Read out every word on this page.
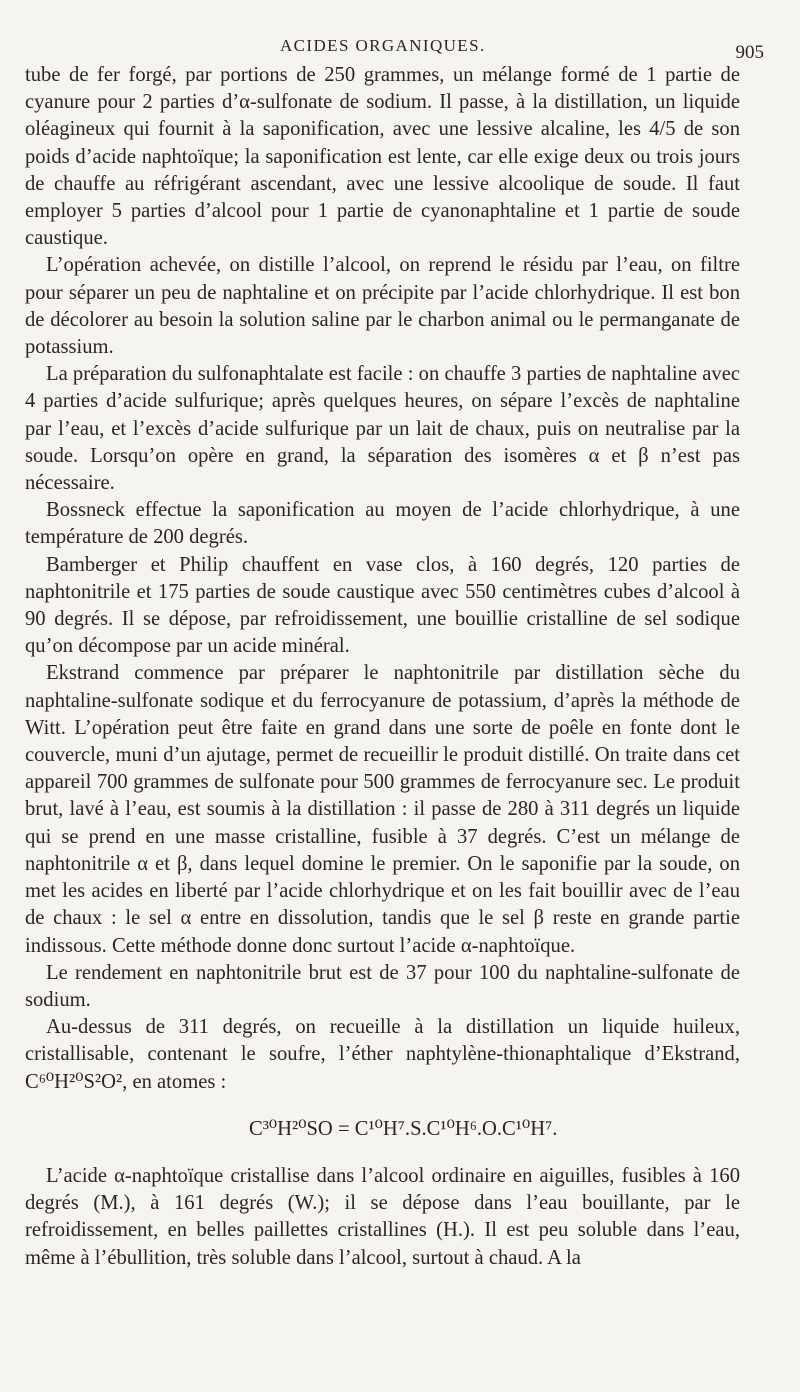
ACIDES ORGANIQUES.	905

tube de fer forgé, par portions de 250 grammes, un mélange formé de 1 partie de cyanure pour 2 parties d’α-sulfonate de sodium. Il passe, à la distillation, un liquide oléagineux qui fournit à la saponification, avec une lessive alcaline, les 4/5 de son poids d’acide naphtoïque; la saponification est lente, car elle exige deux ou trois jours de chauffe au réfrigérant ascendant, avec une lessive alcoolique de soude. Il faut employer 5 parties d’alcool pour 1 partie de cyanonaphtaline et 1 partie de soude caustique.

L’opération achevée, on distille l’alcool, on reprend le résidu par l’eau, on filtre pour séparer un peu de naphtaline et on précipite par l’acide chlorhydrique. Il est bon de décolorer au besoin la solution saline par le charbon animal ou le permanganate de potassium.

La préparation du sulfonaphtalate est facile : on chauffe 3 parties de naphtaline avec 4 parties d’acide sulfurique; après quelques heures, on sépare l’excès de naphtaline par l’eau, et l’excès d’acide sulfurique par un lait de chaux, puis on neutralise par la soude. Lorsqu’on opère en grand, la séparation des isomères α et β n’est pas nécessaire.

Bossneck effectue la saponification au moyen de l’acide chlorhydrique, à une température de 200 degrés.

Bamberger et Philip chauffent en vase clos, à 160 degrés, 120 parties de naphtonitrile et 175 parties de soude caustique avec 550 centimètres cubes d’alcool à 90 degrés. Il se dépose, par refroidissement, une bouillie cristalline de sel sodique qu’on décompose par un acide minéral.

Ekstrand commence par préparer le naphtonitrile par distillation sèche du naphtaline-sulfonate sodique et du ferrocyanure de potassium, d’après la méthode de Witt. L’opération peut être faite en grand dans une sorte de poêle en fonte dont le couvercle, muni d’un ajutage, permet de recueillir le produit distillé. On traite dans cet appareil 700 grammes de sulfonate pour 500 grammes de ferrocyanure sec. Le produit brut, lavé à l’eau, est soumis à la distillation : il passe de 280 à 311 degrés un liquide qui se prend en une masse cristalline, fusible à 37 degrés. C’est un mélange de naphtonitrile α et β, dans lequel domine le premier. On le saponifie par la soude, on met les acides en liberté par l’acide chlorhydrique et on les fait bouillir avec de l’eau de chaux : le sel α entre en dissolution, tandis que le sel β reste en grande partie indissous. Cette méthode donne donc surtout l’acide α-naphtoïque.

Le rendement en naphtonitrile brut est de 37 pour 100 du naphtaline-sulfonate de sodium.

Au-dessus de 311 degrés, on recueille à la distillation un liquide huileux, cristallisable, contenant le soufre, l’éther naphtylène-thionaphtalique d’Ekstrand, C⁶⁰H²⁰S²O², en atomes :

C³⁰H²⁰SO = C¹⁰H⁷.S.C¹⁰H⁶.O.C¹⁰H⁷.

L’acide α-naphtoïque cristallise dans l’alcool ordinaire en aiguilles, fusibles à 160 degrés (M.), à 161 degrés (W.); il se dépose dans l’eau bouillante, par le refroidissement, en belles paillettes cristallines (H.). Il est peu soluble dans l’eau, même à l’ébullition, très soluble dans l’alcool, surtout à chaud. A la
